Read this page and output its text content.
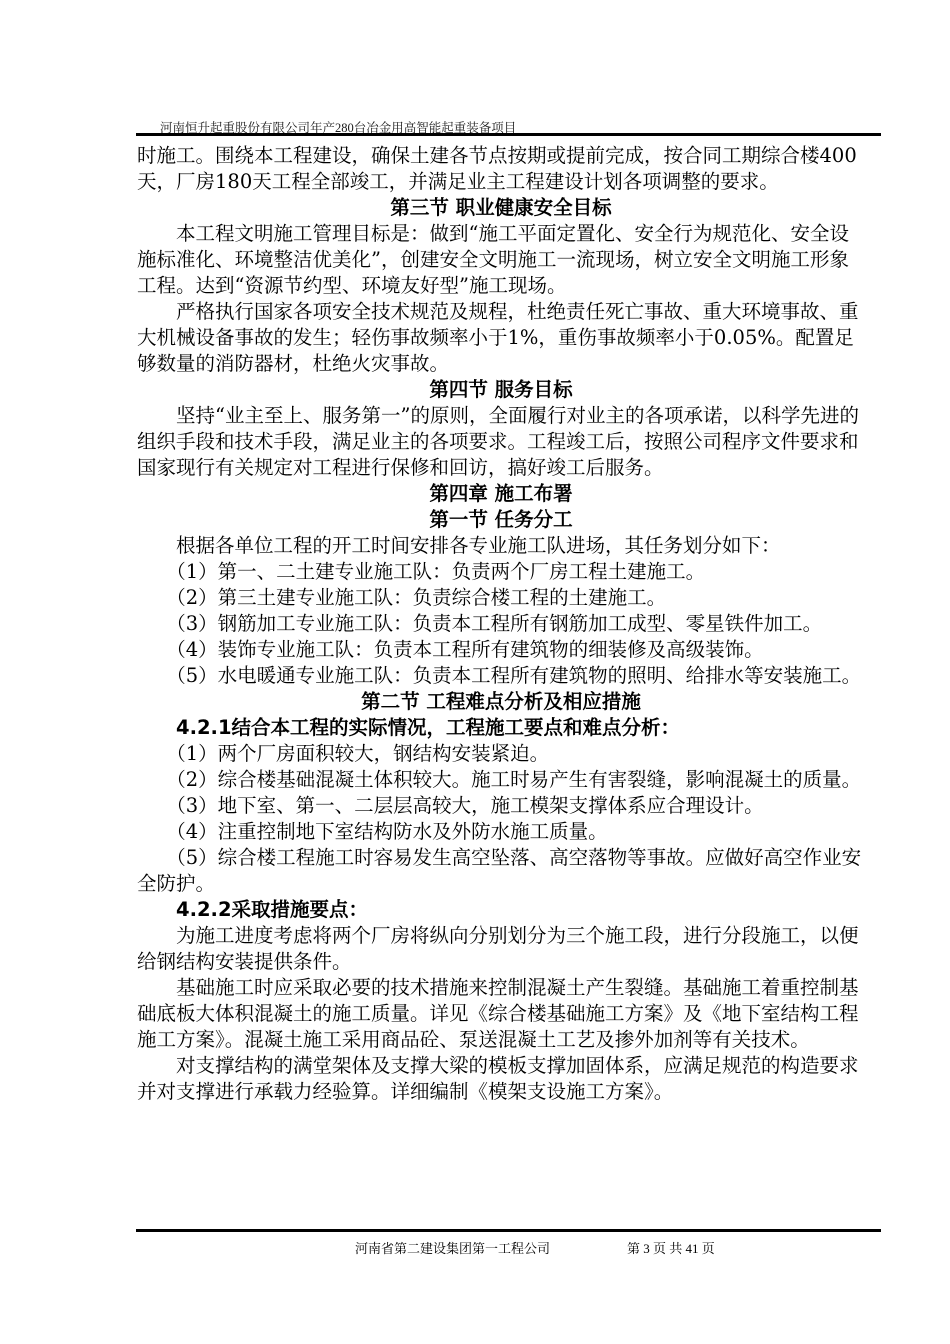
河南恒升起重股份有限公司年产280台冶金用高智能起重装备项目

时施工。围绕本工程建设，确保土建各节点按期或提前完成，按合同工期综合楼400天，厂房180天工程全部竣工，并满足业主工程建设计划各项调整的要求。

第三节 职业健康安全目标

本工程文明施工管理目标是：做到“施工平面定置化、安全行为规范化、安全设施标准化、环境整洁优美化”，创建安全文明施工一流现场，树立安全文明施工形象工程。达到“资源节约型、环境友好型”施工现场。

严格执行国家各项安全技术规范及规程，杜绝责任死亡事故、重大环境事故、重大机械设备事故的发生；轻伤事故频率小于1%，重伤事故频率小于0.05%。配置足够数量的消防器材，杜绝火灾事故。

第四节 服务目标

坚持“业主至上、服务第一”的原则，全面履行对业主的各项承诺，以科学先进的组织手段和技术手段，满足业主的各项要求。工程竣工后，按照公司程序文件要求和国家现行有关规定对工程进行保修和回访，搞好竣工后服务。

第四章 施工布署

第一节 任务分工

根据各单位工程的开工时间安排各专业施工队进场，其任务划分如下：

（1）第一、二土建专业施工队：负责两个厂房工程土建施工。

（2）第三土建专业施工队：负责综合楼工程的土建施工。

（3）钢筋加工专业施工队：负责本工程所有钢筋加工成型、零星铁件加工。

（4）装饰专业施工队：负责本工程所有建筑物的细装修及高级装饰。

（5）水电暖通专业施工队：负责本工程所有建筑物的照明、给排水等安装施工。

第二节 工程难点分析及相应措施

4.2.1结合本工程的实际情况，工程施工要点和难点分析：

（1）两个厂房面积较大，钢结构安装紧迫。

（2）综合楼基础混凝土体积较大。施工时易产生有害裂缝，影响混凝土的质量。

（3）地下室、第一、二层层高较大，施工模架支撑体系应合理设计。

（4）注重控制地下室结构防水及外防水施工质量。

（5）综合楼工程施工时容易发生高空坠落、高空落物等事故。应做好高空作业安全防护。

4.2.2采取措施要点：

为施工进度考虑将两个厂房将纵向分别划分为三个施工段，进行分段施工，以便给钢结构安装提供条件。

基础施工时应采取必要的技术措施来控制混凝土产生裂缝。基础施工着重控制基础底板大体积混凝土的施工质量。详见《综合楼基础施工方案》及《地下室结构工程施工方案》。混凝土施工采用商品砼、泵送混凝土工艺及掺外加剂等有关技术。

对支撑结构的满堂架体及支撑大梁的模板支撑加固体系，应满足规范的构造要求并对支撑进行承载力经验算。详细编制《模架支设施工方案》。

河南省第二建设集团第一工程公司	第 3 页 共 41 页
